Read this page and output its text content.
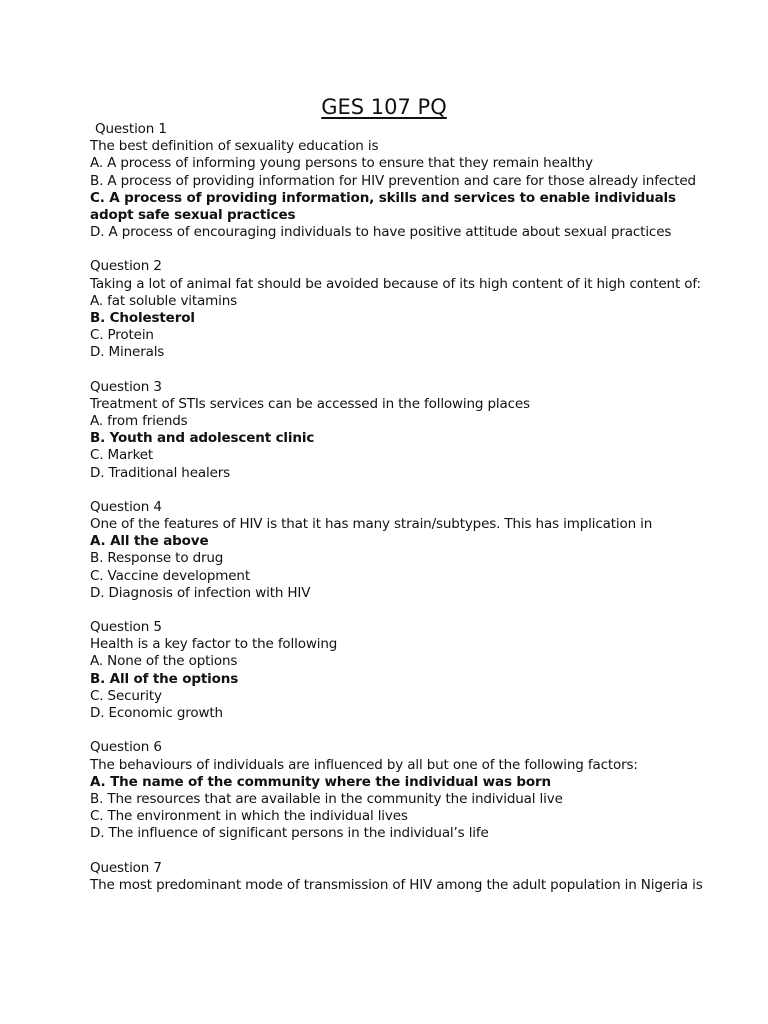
GES 107 PQ
Question 1
The best definition of sexuality education is
A. A process of informing young persons to ensure that they remain healthy
B. A process of providing information for HIV prevention and care for those already infected
C. A process of providing information, skills and services to enable individuals adopt safe sexual practices
D. A process of encouraging individuals to have positive attitude about sexual practices
Question 2
Taking a lot of animal fat should be avoided because of its high content of it high content of:
A. fat soluble vitamins
B. Cholesterol
C. Protein
D. Minerals
Question 3
Treatment of STIs services can be accessed in the following places
A. from friends
B. Youth and adolescent clinic
C. Market
D. Traditional healers
Question 4
One of the features of HIV is that it has many strain/subtypes. This has implication in
A. All the above
B. Response to drug
C. Vaccine development
D. Diagnosis of infection with HIV
Question 5
Health is a key factor to the following
A. None of the options
B. All of the options
C. Security
D. Economic growth
Question 6
The behaviours of individuals are influenced by all but one of the following factors:
A. The name of the community where the individual was born
B. The resources that are available in the community the individual live
C. The environment in which the individual lives
D. The influence of significant persons in the individual’s life
Question 7
The most predominant mode of transmission of HIV among the adult population in Nigeria is
